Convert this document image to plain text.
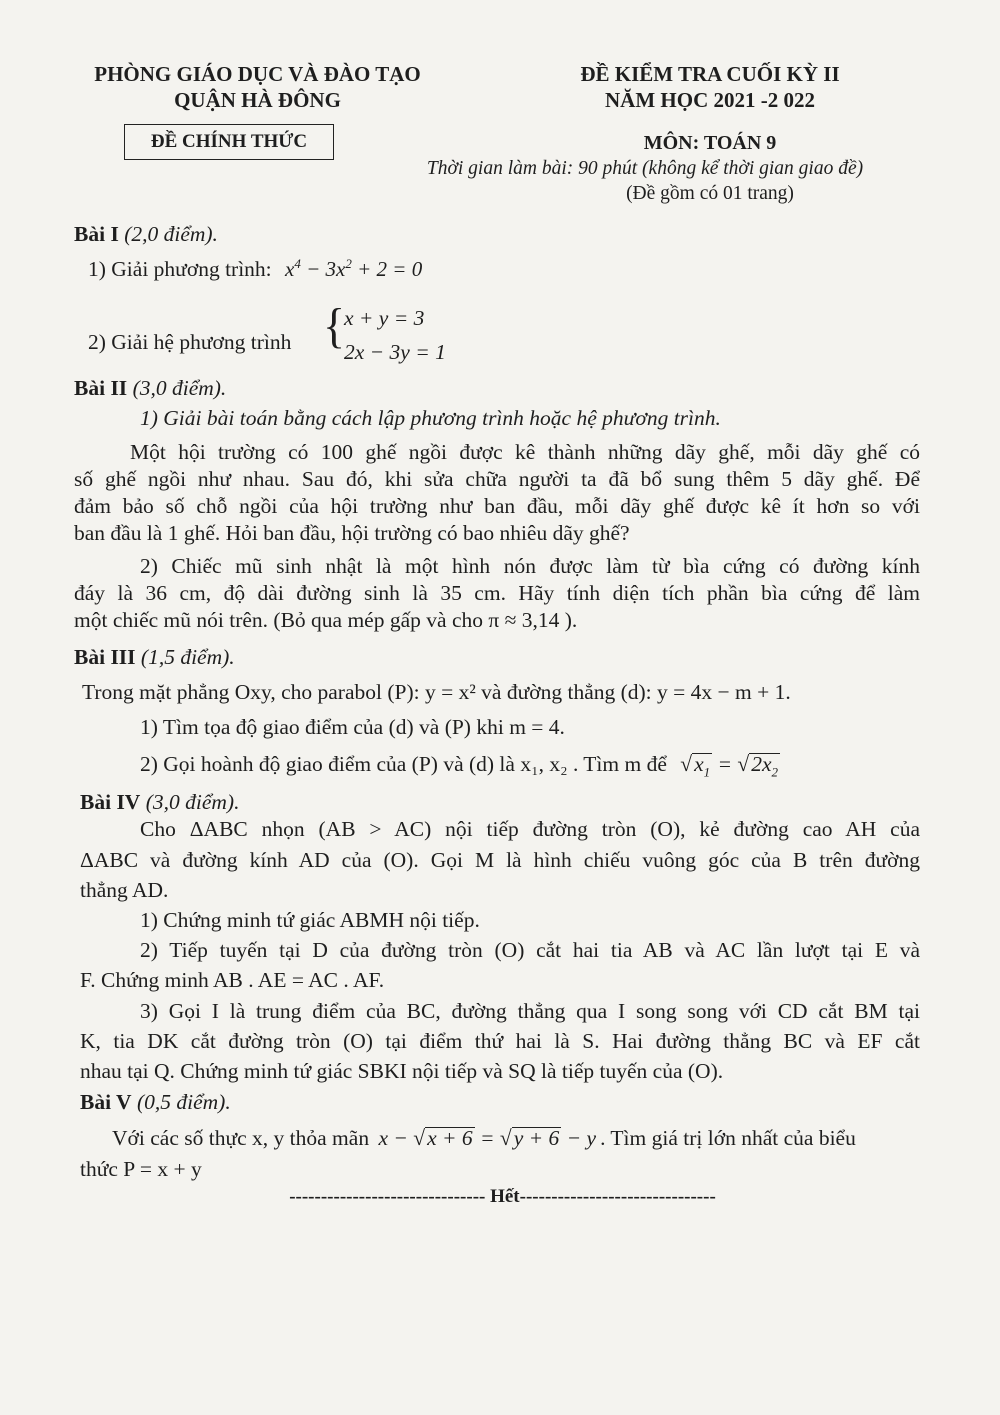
PHÒNG GIÁO DỤC VÀ ĐÀO TẠO
QUẬN HÀ ĐÔNG
ĐỀ CHÍNH THỨC
ĐỀ KIỂM TRA CUỐI KỲ II
NĂM HỌC 2021 -2 022
MÔN: TOÁN 9
Thời gian làm bài: 90 phút (không kể thời gian giao đề)
(Đề gồm có 01 trang)
Bài I (2,0 điểm).
1) Giải phương trình: $x^4 - 3x^2 + 2 = 0$
2) Giải hệ phương trình {
x + y = 3
2x − 3y = 1
Bài II (3,0 điểm).
1) Giải bài toán bằng cách lập phương trình hoặc hệ phương trình.
Một hội trường có 100 ghế ngồi được kê thành những dãy ghế, mỗi dãy ghế có
số ghế ngồi như nhau. Sau đó, khi sửa chữa người ta đã bổ sung thêm 5 dãy ghế. Để
đảm bảo số chỗ ngồi của hội trường như ban đầu, mỗi dãy ghế được kê ít hơn so với
ban đầu là 1 ghế. Hỏi ban đầu, hội trường có bao nhiêu dãy ghế?
2) Chiếc mũ sinh nhật là một hình nón được làm từ bìa cứng có đường kính
đáy là 36 cm, độ dài đường sinh là 35 cm. Hãy tính diện tích phần bìa cứng để làm
một chiếc mũ nói trên. (Bỏ qua mép gấp và cho π ≈ 3,14 ).
Bài III (1,5 điểm).
Trong mặt phẳng Oxy, cho parabol (P): y = x² và đường thẳng (d): y = 4x − m + 1.
1) Tìm tọa độ giao điểm của (d) và (P) khi m = 4.
2) Gọi hoành độ giao điểm của (P) và (d) là x₁, x₂ . Tìm m để $√x_1 = √2x_2$
Bài IV (3,0 điểm).
Cho ΔABC nhọn (AB > AC) nội tiếp đường tròn (O), kẻ đường cao AH của
ΔABC và đường kính AD của (O). Gọi M là hình chiếu vuông góc của B trên đường
thẳng AD.
1) Chứng minh tứ giác ABMH nội tiếp.
2) Tiếp tuyến tại D của đường tròn (O) cắt hai tia AB và AC lần lượt tại E và
F. Chứng minh AB . AE = AC . AF.
3) Gọi I là trung điểm của BC, đường thẳng qua I song song với CD cắt BM tại
K, tia DK cắt đường tròn (O) tại điểm thứ hai là S. Hai đường thẳng BC và EF cắt
nhau tại Q. Chứng minh tứ giác SBKI nội tiếp và SQ là tiếp tuyến của (O).
Bài V (0,5 điểm).
Với các số thực x, y thỏa mãn x − √x + 6 = √y + 6 − y . Tìm giá trị lớn nhất của biểu
thức P = x + y
------------------------------- Hết-------------------------------
